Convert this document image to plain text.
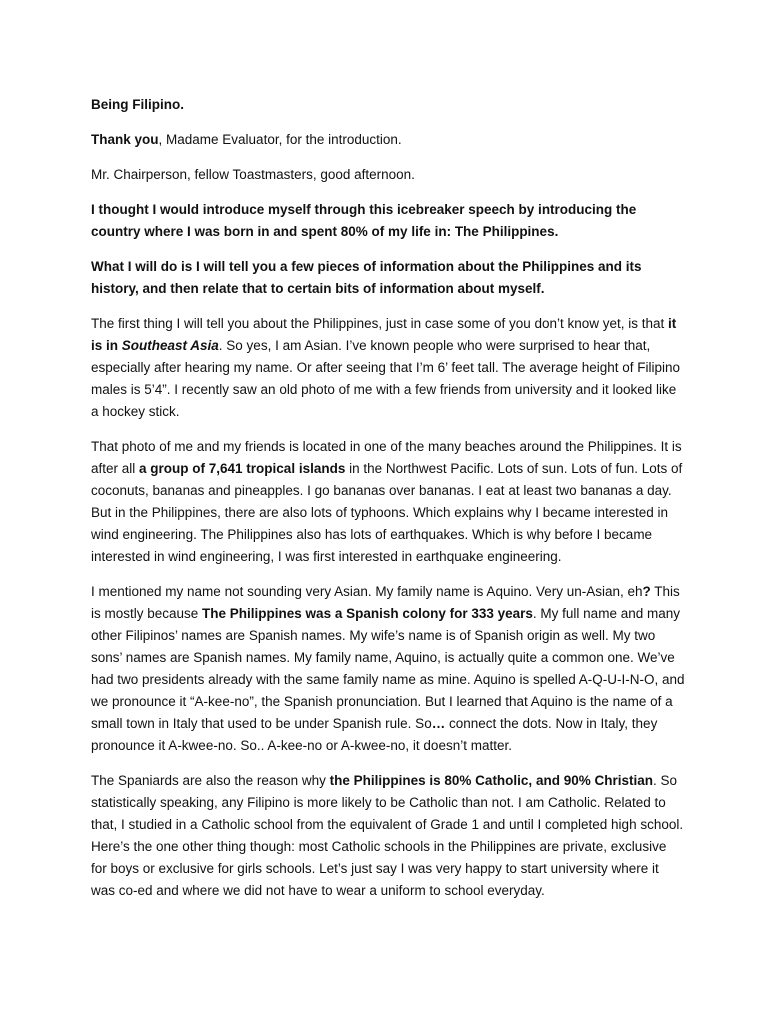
Being Filipino.

Thank you, Madame Evaluator, for the introduction.

Mr. Chairperson, fellow Toastmasters, good afternoon.

I thought I would introduce myself through this icebreaker speech by introducing the country where I was born in and spent 80% of my life in: The Philippines.

What I will do is I will tell you a few pieces of information about the Philippines and its history, and then relate that to certain bits of information about myself.

The first thing I will tell you about the Philippines, just in case some of you don’t know yet, is that it is in Southeast Asia. So yes, I am Asian. I’ve known people who were surprised to hear that, especially after hearing my name. Or after seeing that I’m 6’ feet tall. The average height of Filipino males is 5’4”. I recently saw an old photo of me with a few friends from university and it looked like a hockey stick.

That photo of me and my friends is located in one of the many beaches around the Philippines. It is after all a group of 7,641 tropical islands in the Northwest Pacific. Lots of sun. Lots of fun. Lots of coconuts, bananas and pineapples. I go bananas over bananas. I eat at least two bananas a day. But in the Philippines, there are also lots of typhoons. Which explains why I became interested in wind engineering. The Philippines also has lots of earthquakes. Which is why before I became interested in wind engineering, I was first interested in earthquake engineering.

I mentioned my name not sounding very Asian. My family name is Aquino. Very un-Asian, eh? This is mostly because The Philippines was a Spanish colony for 333 years. My full name and many other Filipinos’ names are Spanish names. My wife’s name is of Spanish origin as well. My two sons’ names are Spanish names. My family name, Aquino, is actually quite a common one. We’ve had two presidents already with the same family name as mine. Aquino is spelled A-Q-U-I-N-O, and we pronounce it “A-kee-no”, the Spanish pronunciation. But I learned that Aquino is the name of a small town in Italy that used to be under Spanish rule. So… connect the dots. Now in Italy, they pronounce it A-kwee-no. So.. A-kee-no or A-kwee-no, it doesn’t matter.

The Spaniards are also the reason why the Philippines is 80% Catholic, and 90% Christian. So statistically speaking, any Filipino is more likely to be Catholic than not. I am Catholic. Related to that, I studied in a Catholic school from the equivalent of Grade 1 and until I completed high school. Here’s the one other thing though: most Catholic schools in the Philippines are private, exclusive for boys or exclusive for girls schools. Let’s just say I was very happy to start university where it was co-ed and where we did not have to wear a uniform to school everyday.
